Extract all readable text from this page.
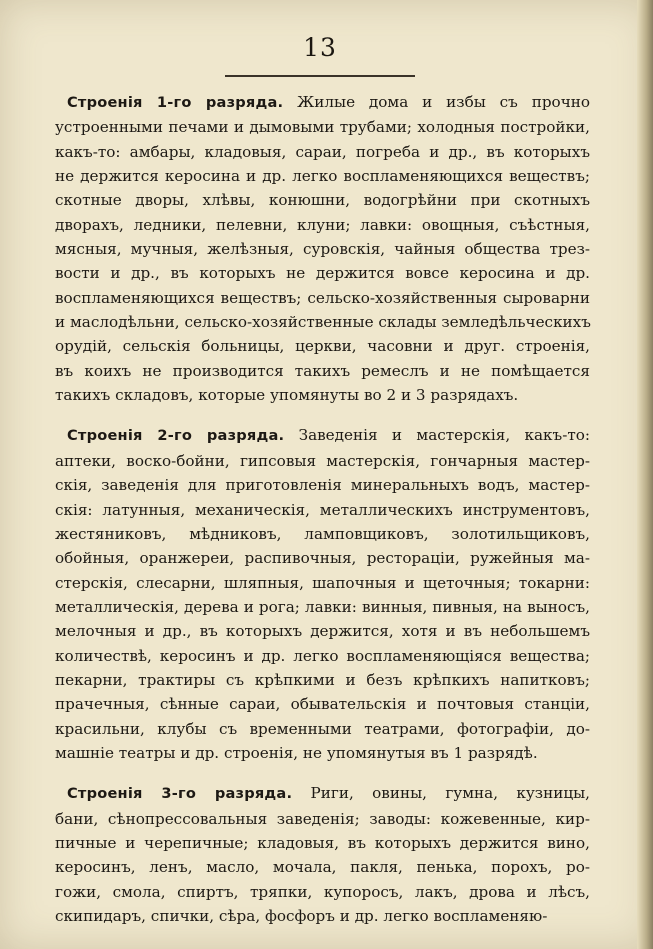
13
Строенія 1-го разряда. Жилые дома и избы съ прочно
устроенными печами и дымовыми трубами; холодныя постройки,
какъ-то: амбары, кладовыя, сараи, погреба и др., въ которыхъ
не держится керосина и др. легко воспламеняющихся веществъ;
скотные дворы, хлѣвы, конюшни, водогрѣйни при скотныхъ
дворахъ, ледники, пелевни, клуни; лавки: овощныя, съѣстныя,
мясныя, мучныя, желѣзныя, суровскія, чайныя общества трез-
вости и др., въ которыхъ не держится вовсе керосина и др.
воспламеняющихся веществъ; сельско-хозяйственныя сыроварни
и маслодѣльни, сельско-хозяйственные склады земледѣльческихъ
орудій, сельскія больницы, церкви, часовни и друг. строенія,
въ коихъ не производится такихъ ремеслъ и не помѣщается
такихъ складовъ, которые упомянуты во 2 и 3 разрядахъ.
Строенія 2-го разряда. Заведенія и мастерскія, какъ-то:
аптеки, воско-бойни, гипсовыя мастерскія, гончарныя мастер-
скія, заведенія для приготовленія минеральныхъ водъ, мастер-
скія: латунныя, механическія, металлическихъ инструментовъ,
жестяниковъ, мѣдниковъ, ламповщиковъ, золотильщиковъ,
обойныя, оранжереи, распивочныя, рестораціи, ружейныя ма-
стерскія, слесарни, шляпныя, шапочныя и щеточныя; токарни:
металлическія, дерева и рога; лавки: винныя, пивныя, на выносъ,
мелочныя и др., въ которыхъ держится, хотя и въ небольшемъ
количествѣ, керосинъ и др. легко воспламеняющіяся вещества;
пекарни, трактиры съ крѣпкими и безъ крѣпкихъ напитковъ;
прачечныя, сѣнные сараи, обывательскія и почтовыя станціи,
красильни, клубы съ временными театрами, фотографіи, до-
машніе театры и др. строенія, не упомянутыя въ 1 разрядѣ.
Строенія 3-го разряда. Риги, овины, гумна, кузницы,
бани, сѣнопрессовальныя заведенія; заводы: кожевенные, кир-
пичные и черепичные; кладовыя, въ которыхъ держится вино,
керосинъ, ленъ, масло, мочала, пакля, пенька, порохъ, ро-
гожи, смола, спиртъ, тряпки, купоросъ, лакъ, дрова и лѣсъ,
скипидаръ, спички, сѣра, фосфоръ и др. легко воспламеняю-
